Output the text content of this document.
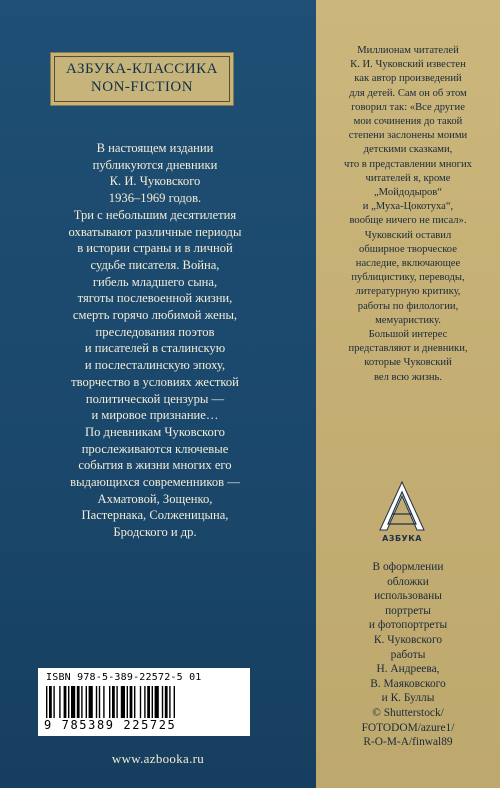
АЗБУКА-КЛАССИКА
NON-FICTION

В настоящем издании

публикуются дневники

К. И. Чуковского

1936–1969 годов.

Три с небольшим десятилетия

охватывают различные периоды

в истории страны и в личной

судьбе писателя. Война,

гибель младшего сына,

тяготы послевоенной жизни,

смерть горячо любимой жены,

преследования поэтов

и писателей в сталинскую

и послесталинскую эпоху,

творчество в условиях жесткой

политической цензуры —

и мировое признание…

По дневникам Чуковского

прослеживаются ключевые

события в жизни многих его

выдающихся современников —

Ахматовой, Зощенко,

Пастернака, Солженицына,

Бродского и др.

Миллионам читателей

К. И. Чуковский известен

как автор произведений

для детей. Сам он об этом

говорил так: «Все другие

мои сочинения до такой

степени заслонены моими

детскими сказками,

что в представлении многих

читателей я, кроме

„Мойдодыров“

и „Муха-Цокотуха“,

вообще ничего не писал».

Чуковский оставил

обширное творческое

наследие, включающее

публицистику, переводы,

литературную критику,

работы по филологии,

мемуаристику.

Большой интерес

представляют и дневники,

которые Чуковский

вел всю жизнь.

АЗБУКА

В оформлении

обложки

использованы

портреты

и фотопортреты

К. Чуковского

работы

Н. Андреева,

В. Маяковского

и К. Буллы

© Shutterstock/

FOTODOM/azure1/

R-O-M-A/finwal89

ISBN 978-5-389-22572-5 01
9 785389 225725
www.azbooka.ru
